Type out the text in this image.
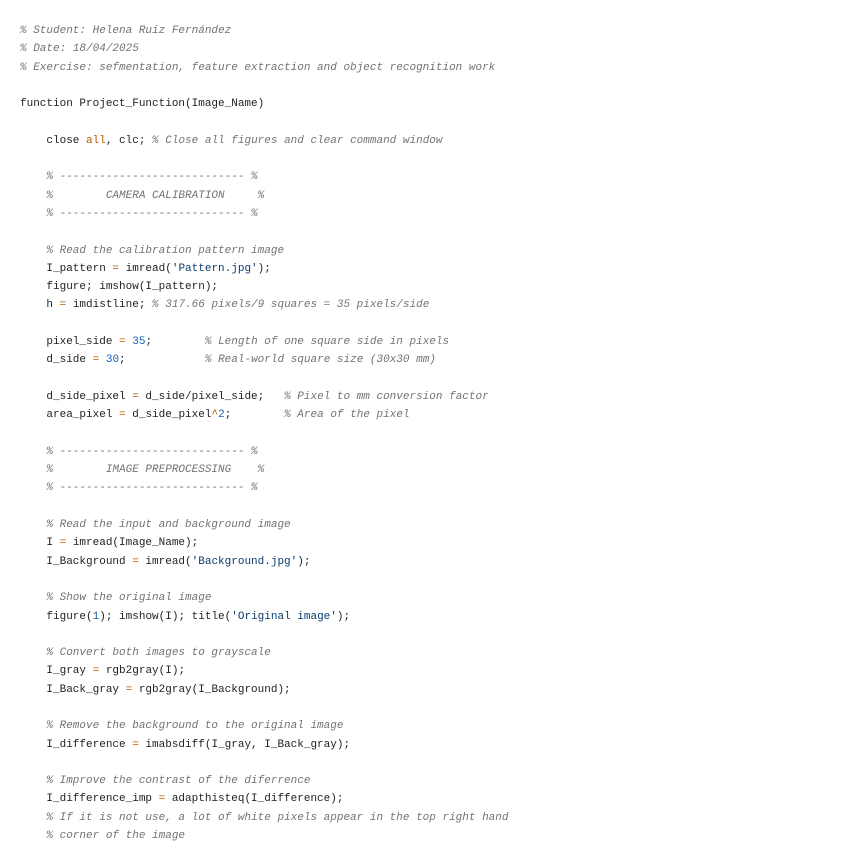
% Student: Helena Ruiz Fernández
% Date: 18/04/2025
% Exercise: sefmentation, feature extraction and object recognition work

function Project_Function(Image_Name)

close all, clc; % Close all figures and clear command window

% ---------------------------- %
%        CAMERA CALIBRATION     %
% ---------------------------- %

% Read the calibration pattern image
I_pattern = imread('Pattern.jpg');
figure; imshow(I_pattern);
h = imdistline; % 317.66 pixels/9 squares = 35 pixels/side

pixel_side = 35;        % Length of one square side in pixels
d_side = 30;            % Real-world square size (30x30 mm)

d_side_pixel = d_side/pixel_side;   % Pixel to mm conversion factor
area_pixel = d_side_pixel^2;        % Area of the pixel

% ---------------------------- %
%        IMAGE PREPROCESSING    %
% ---------------------------- %

% Read the input and background image
I = imread(Image_Name);
I_Background = imread('Background.jpg');

% Show the original image
figure(1); imshow(I); title('Original image');

% Convert both images to grayscale
I_gray = rgb2gray(I);
I_Back_gray = rgb2gray(I_Background);

% Remove the background to the original image
I_difference = imabsdiff(I_gray, I_Back_gray);

% Improve the contrast of the diferrence
I_difference_imp = adapthisteq(I_difference);
% If it is not use, a lot of white pixels appear in the top right hand
% corner of the image
